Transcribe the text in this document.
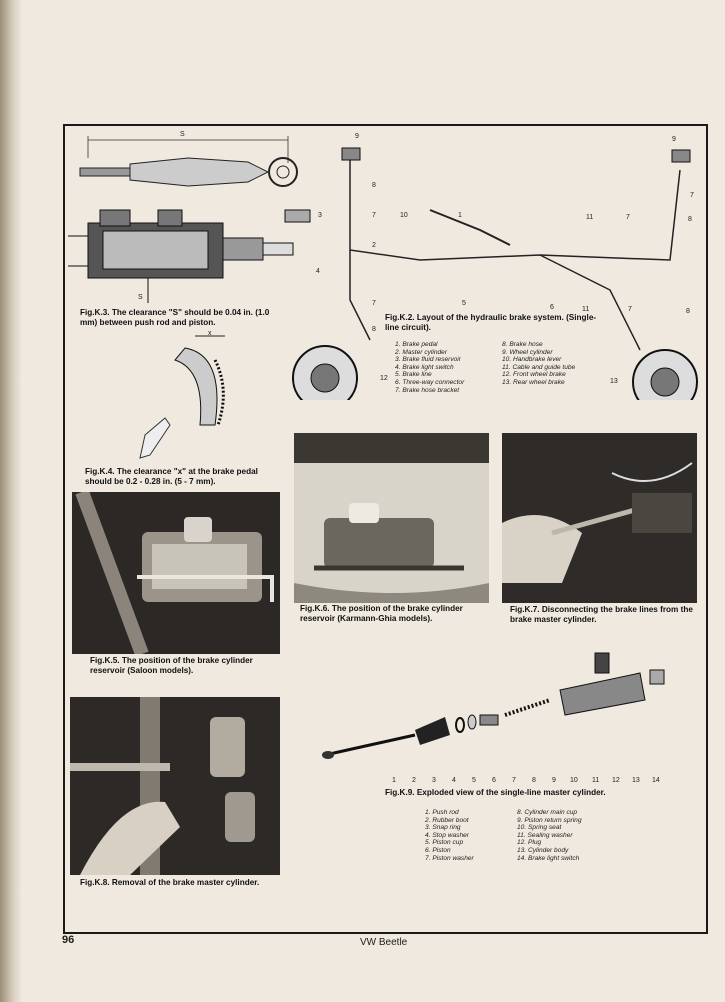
S
S
Fig.K.3. The clearance "S" should be 0.04 in. (1.0 mm) between push rod and piston.
9
8
3	7	10	1
2
4
7
8
12
5
6	11	7
9
7
8
11	7
8
13
Fig.K.2. Layout of the hydraulic brake system. (Single-line circuit).
1. Brake pedal
2. Master cylinder
3. Brake fluid reservoir
4. Brake light switch
5. Brake line
6. Three-way connector
7. Brake hose bracket
8. Brake hose
9. Wheel cylinder
10. Handbrake lever
11. Cable and guide tube
12. Front wheel brake
13. Rear wheel brake
x
Fig.K.4. The clearance "x" at the brake pedal should be 0.2 - 0.28 in. (5 - 7 mm).
Fig.K.5. The position of the brake cylinder reservoir (Saloon models).
Fig.K.6. The position of the brake cylinder reservoir (Karmann-Ghia models).
Fig.K.7. Disconnecting the brake lines from the brake master cylinder.
Fig.K.8. Removal of the brake master cylinder.
1 2 3 4 5 6 7 8 9 10 11 12 13 14
Fig.K.9. Exploded view of the single-line master cylinder.
1. Push rod
2. Rubber boot
3. Snap ring
4. Stop washer
5. Piston cup
6. Piston
7. Piston washer
8. Cylinder main cup
9. Piston return spring
10. Spring seat
11. Sealing washer
12. Plug
13. Cylinder body
14. Brake light switch
96	VW Beetle
